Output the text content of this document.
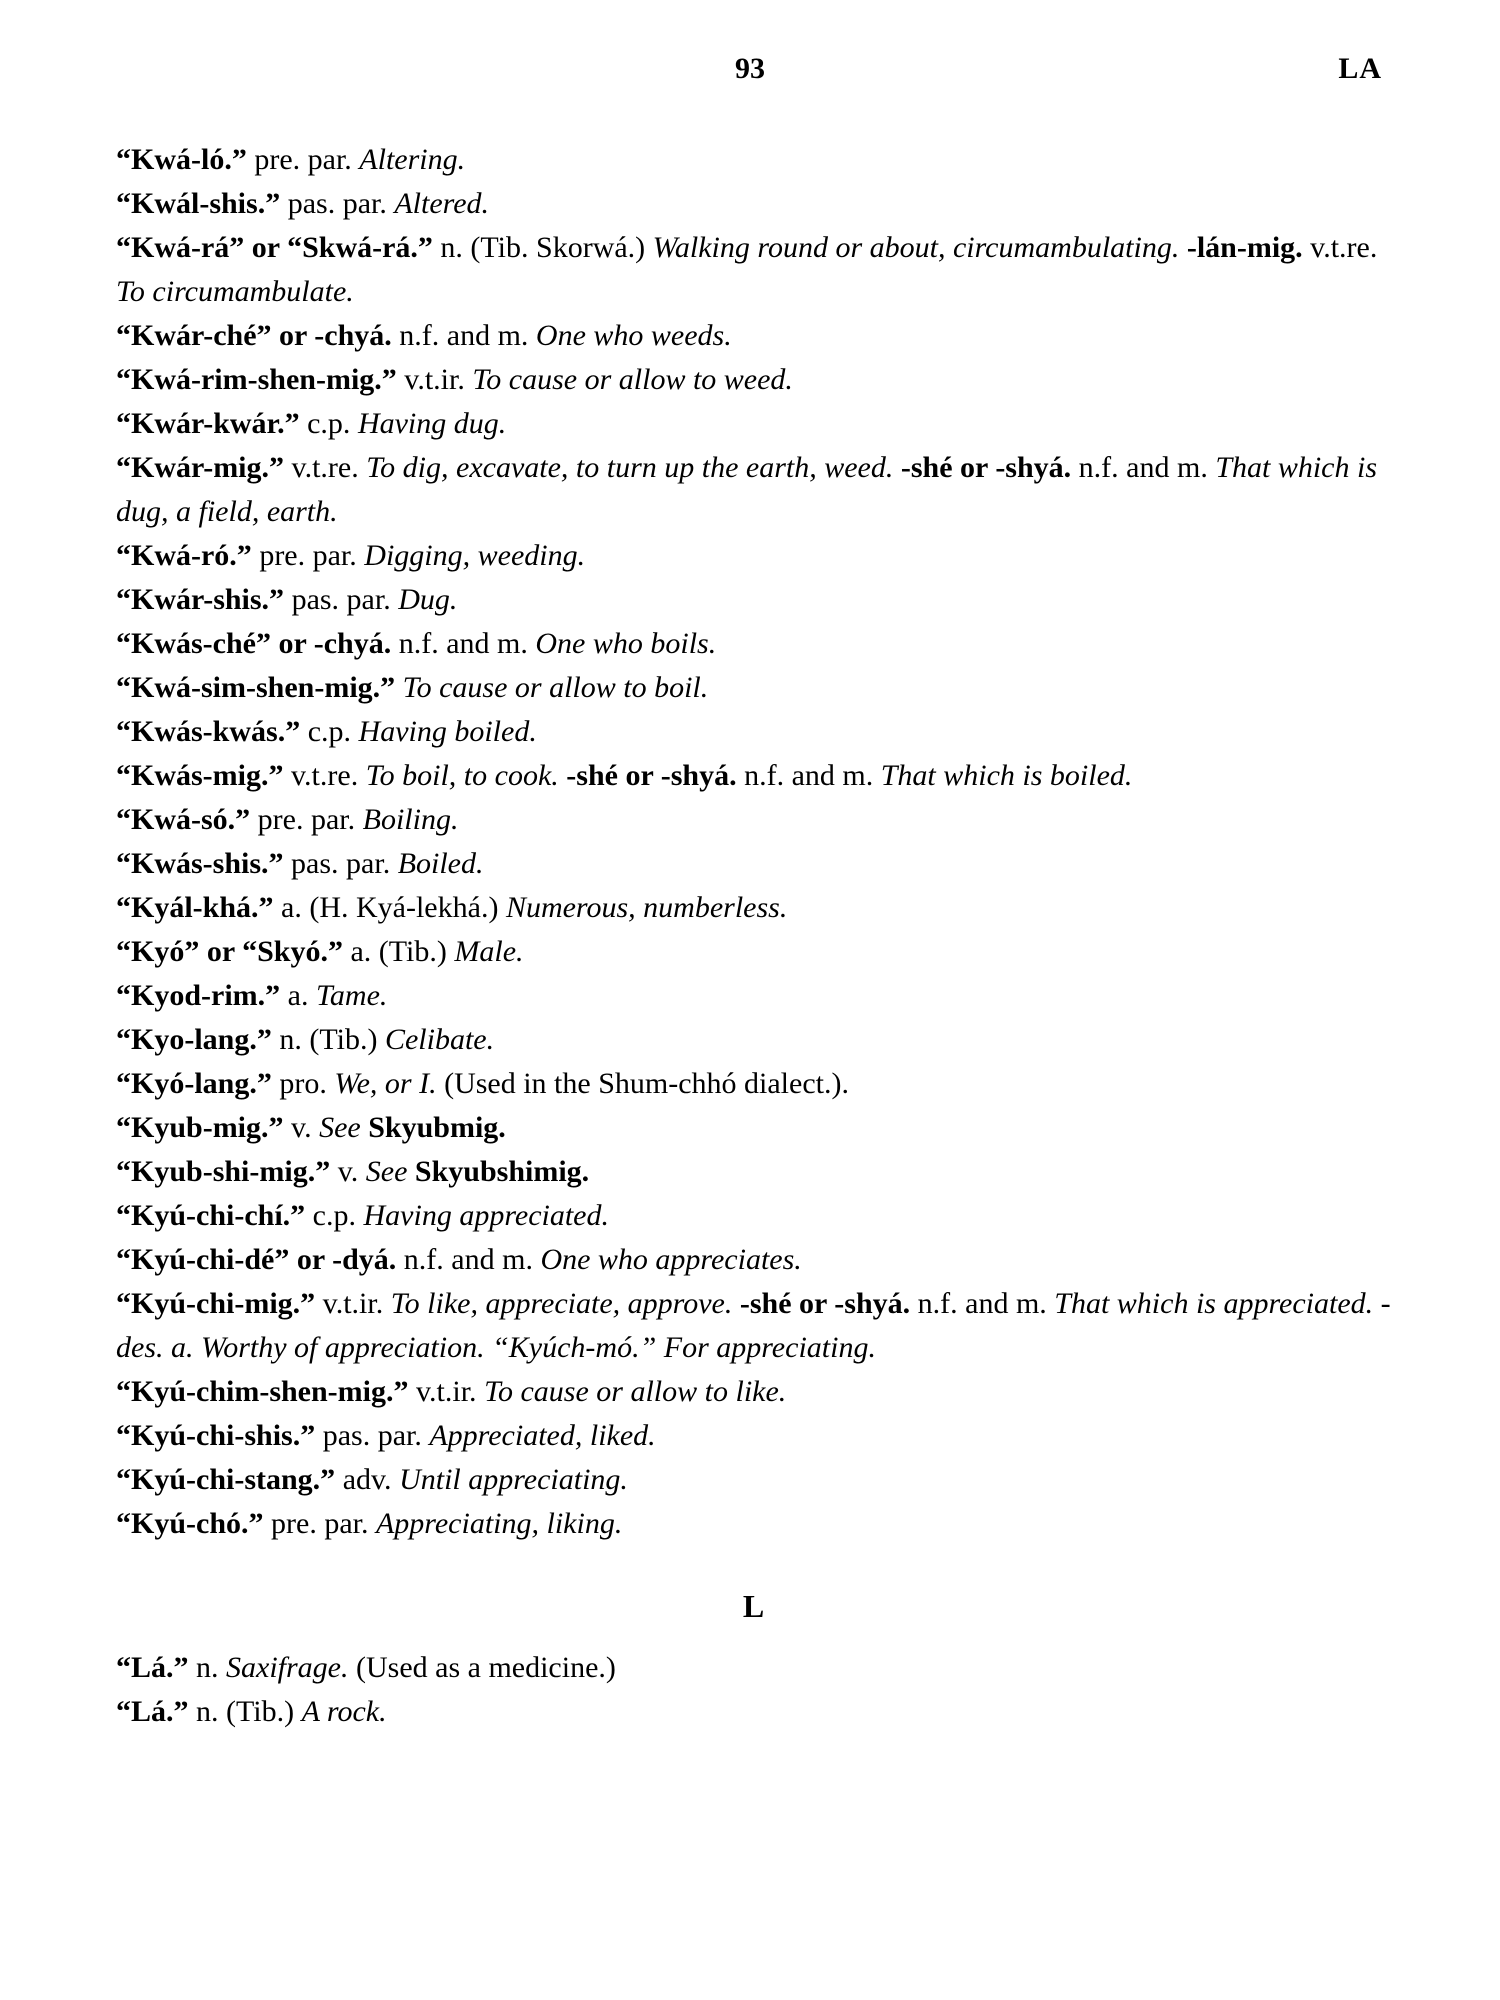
93	LA

“Kwá-ló.” pre. par. Altering.

“Kwál-shis.” pas. par. Altered.

“Kwá-rá” or “Skwá-rá.” n. (Tib. Skorwá.) Walking round or about, circumambulating. -lán-mig. v.t.re. To circumambulate.

“Kwár-ché” or -chyá. n.f. and m. One who weeds.

“Kwá-rim-shen-mig.” v.t.ir. To cause or allow to weed.

“Kwár-kwár.” c.p. Having dug.

“Kwár-mig.” v.t.re. To dig, excavate, to turn up the earth, weed. -shé or -shyá. n.f. and m. That which is dug, a field, earth.

“Kwá-ró.” pre. par. Digging, weeding.

“Kwár-shis.” pas. par. Dug.

“Kwás-ché” or -chyá. n.f. and m. One who boils.

“Kwá-sim-shen-mig.” To cause or allow to boil.

“Kwás-kwás.” c.p. Having boiled.

“Kwás-mig.” v.t.re. To boil, to cook. -shé or -shyá. n.f. and m. That which is boiled.

“Kwá-só.” pre. par. Boiling.

“Kwás-shis.” pas. par. Boiled.

“Kyál-khá.” a. (H. Kyá-lekhá.) Numerous, numberless.

“Kyó” or “Skyó.” a. (Tib.) Male.

“Kyod-rim.” a. Tame.

“Kyo-lang.” n. (Tib.) Celibate.

“Kyó-lang.” pro. We, or I. (Used in the Shum-chhó dialect.).

“Kyub-mig.” v. See Skyubmig.

“Kyub-shi-mig.” v. See Skyubshimig.

“Kyú-chi-chí.” c.p. Having appreciated.

“Kyú-chi-dé” or -dyá. n.f. and m. One who appreciates.

“Kyú-chi-mig.” v.t.ir. To like, appreciate, approve. -shé or -shyá. n.f. and m. That which is appreciated. -des. a. Worthy of appreciation. “Kyúch-mó.” For appreciating.

“Kyú-chim-shen-mig.” v.t.ir. To cause or allow to like.

“Kyú-chi-shis.” pas. par. Appreciated, liked.

“Kyú-chi-stang.” adv. Until appreciating.

“Kyú-chó.” pre. par. Appreciating, liking.

L

“Lá.” n. Saxifrage. (Used as a medicine.)

“Lá.” n. (Tib.) A rock.
